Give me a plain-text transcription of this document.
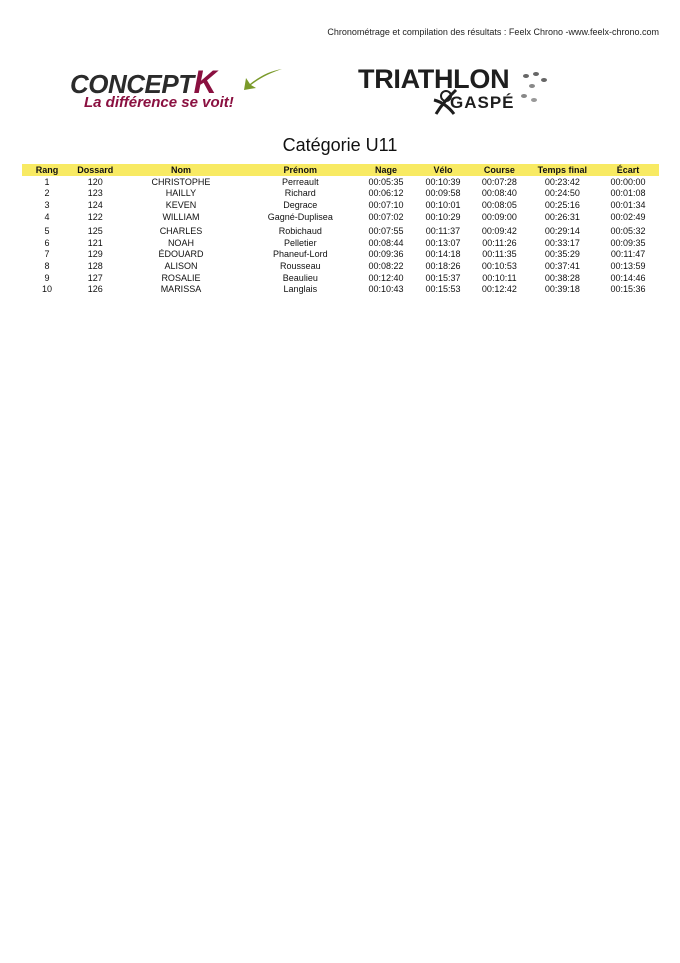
Chronométrage et compilation des résultats : Feelx Chrono -www.feelx-chrono.com
CONCEPTK
La différence se voit!
TRIATHLON
GASPÉ
Catégorie U11
Rang	Dossard	Nom	Prénom	Nage	Vélo	Course	Temps final	Écart
1	120	CHRISTOPHE	Perreault	00:05:35	00:10:39	00:07:28	00:23:42	00:00:00
2	123	HAILLY	Richard	00:06:12	00:09:58	00:08:40	00:24:50	00:01:08
3	124	KEVEN	Degrace	00:07:10	00:10:01	00:08:05	00:25:16	00:01:34
4	122	WILLIAM	Gagné-Duplisea	00:07:02	00:10:29	00:09:00	00:26:31	00:02:49
5	125	CHARLES	Robichaud	00:07:55	00:11:37	00:09:42	00:29:14	00:05:32
6	121	NOAH	Pelletier	00:08:44	00:13:07	00:11:26	00:33:17	00:09:35
7	129	ÉDOUARD	Phaneuf-Lord	00:09:36	00:14:18	00:11:35	00:35:29	00:11:47
8	128	ALISON	Rousseau	00:08:22	00:18:26	00:10:53	00:37:41	00:13:59
9	127	ROSALIE	Beaulieu	00:12:40	00:15:37	00:10:11	00:38:28	00:14:46
10	126	MARISSA	Langlais	00:10:43	00:15:53	00:12:42	00:39:18	00:15:36
